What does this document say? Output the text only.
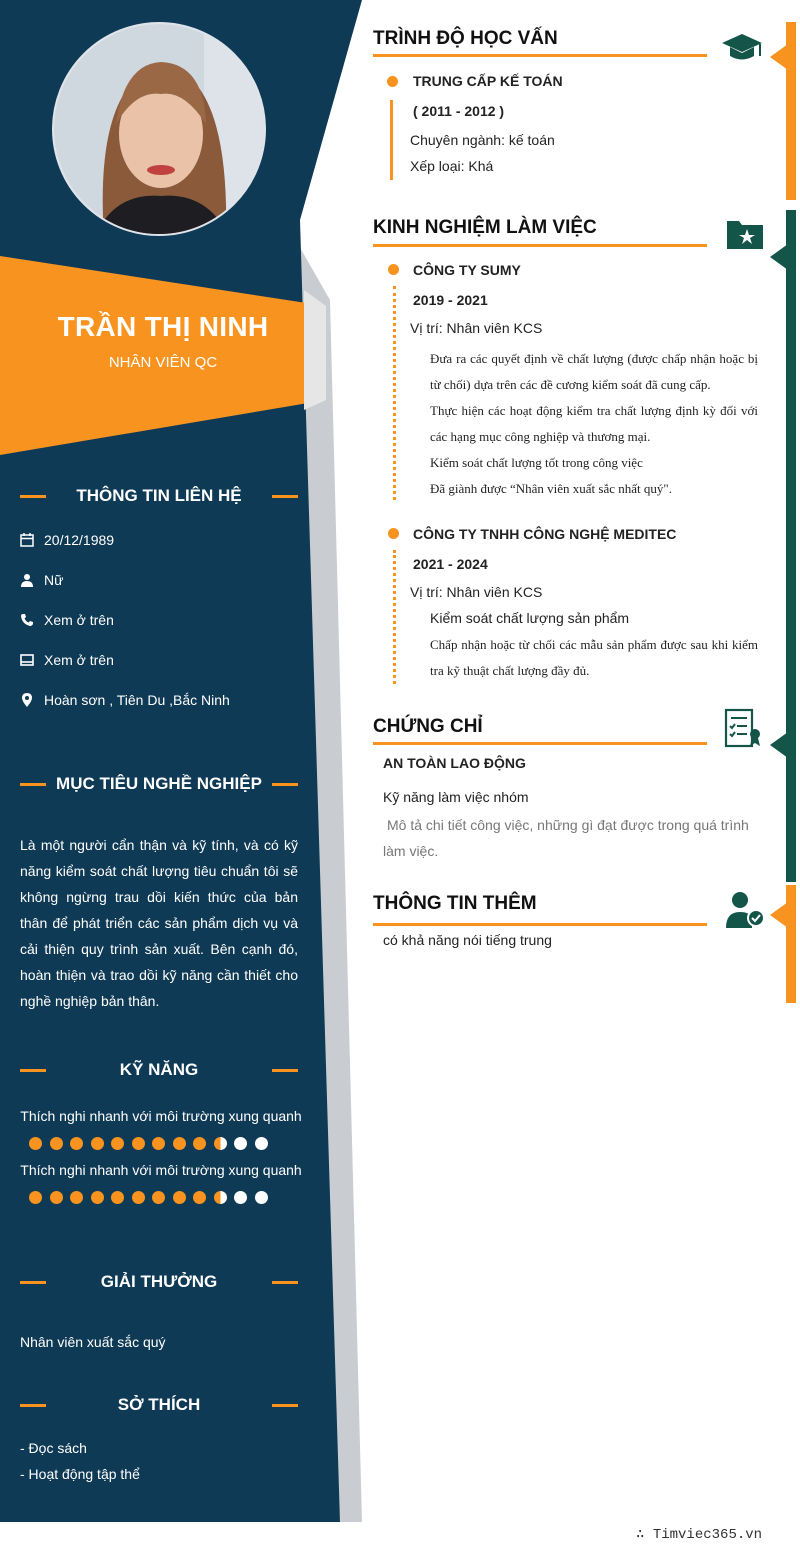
TRẦN THỊ NINH
NHÂN VIÊN QC
THÔNG TIN LIÊN HỆ
20/12/1989
Nữ
Xem ở trên
Xem ở trên
Hoàn sơn , Tiên Du ,Bắc Ninh
MỤC TIÊU NGHỀ NGHIỆP
Là một người cẩn thận và kỹ tính, và có kỹ năng kiểm soát chất lượng tiêu chuẩn tôi sẽ không ngừng trau dồi kiến thức của bản thân để phát triển các sản phẩm dịch vụ và cải thiện quy trình sản xuất. Bên cạnh đó, hoàn thiện và trao dồi kỹ năng cần thiết cho nghề nghiệp bản thân.
KỸ NĂNG
Thích nghi nhanh với môi trường xung quanh
Thích nghi nhanh với môi trường xung quanh
GIẢI THƯỞNG
Nhân viên xuất sắc quý
SỞ THÍCH
- Đọc sách
- Hoạt động tập thể
TRÌNH ĐỘ HỌC VẤN
TRUNG CẤP KẾ TOÁN
( 2011 - 2012 )
Chuyên ngành: kế toán
Xếp loại: Khá
KINH NGHIỆM LÀM VIỆC
CÔNG TY SUMY
2019 - 2021
Vị trí: Nhân viên KCS
Đưa ra các quyết định về chất lượng (được chấp nhận hoặc bị từ chối) dựa trên các đề cương kiểm soát đã cung cấp.
Thực hiện các hoạt động kiểm tra chất lượng định kỳ đối với các hạng mục công nghiệp và thương mại.
Kiểm soát chất lượng tốt trong công việc
Đã giành được “Nhân viên xuất sắc nhất quý".
CÔNG TY TNHH CÔNG NGHỆ MEDITEC
2021 - 2024
Vị trí: Nhân viên KCS
Kiểm soát chất lượng sản phẩm
Chấp nhận hoặc từ chối các mẫu sản phẩm được sau khi kiểm tra kỹ thuật chất lượng đầy đủ.
CHỨNG CHỈ
AN TOÀN LAO ĐỘNG
Kỹ năng làm việc nhóm
Mô tả chi tiết công việc, những gì đạt được trong quá trình làm việc.
THÔNG TIN THÊM
có khả năng nói tiếng trung
∴ Timviec365.vn
